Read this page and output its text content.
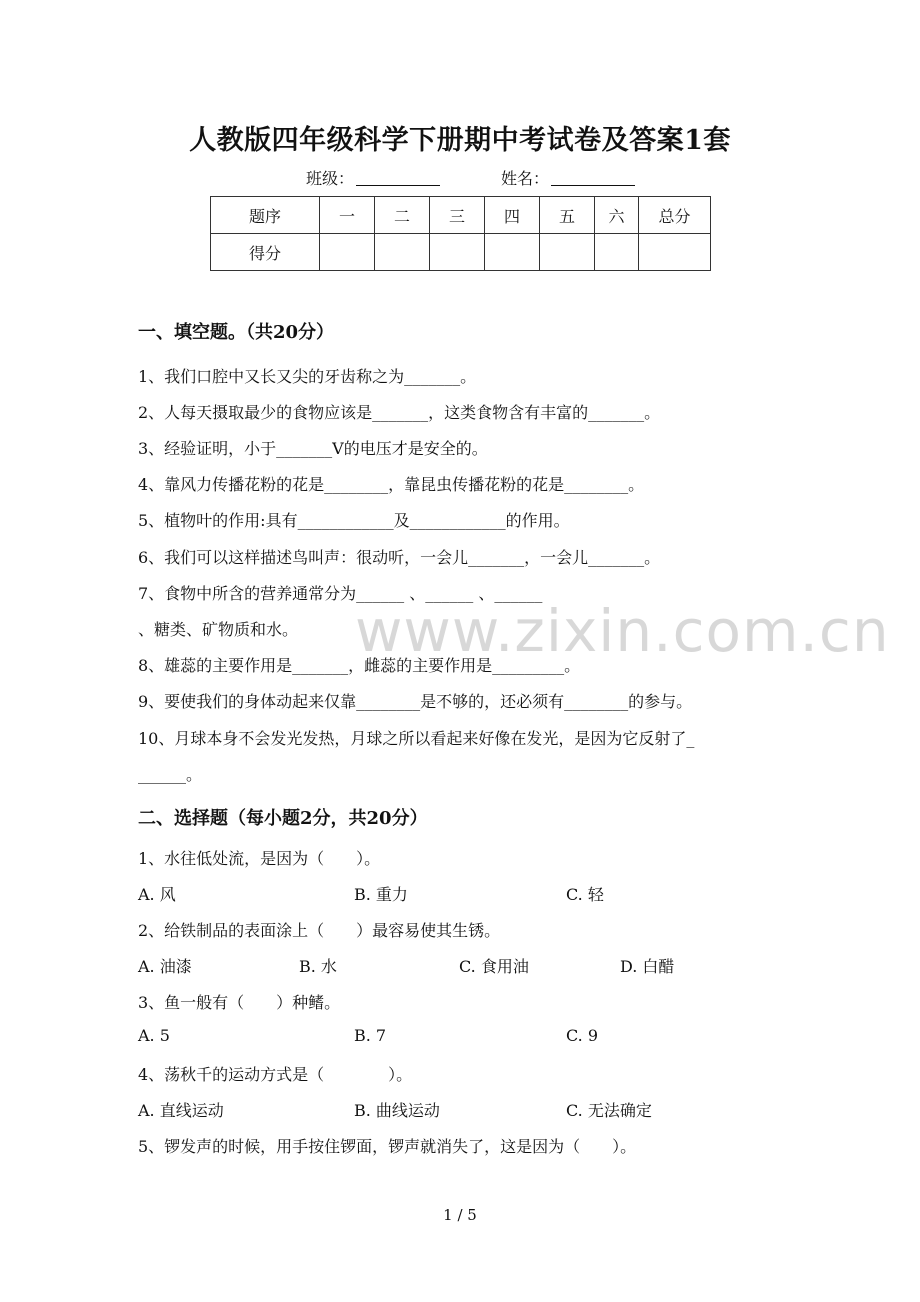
人教版四年级科学下册期中考试卷及答案1套
班级：	姓名：
题序	一	二	三	四	五	六	总分
得分							
一、填空题。（共20分）
1、我们口腔中又长又尖的牙齿称之为_______。
2、人每天摄取最少的食物应该是_______，这类食物含有丰富的_______。
3、经验证明，小于_______V的电压才是安全的。
4、靠风力传播花粉的花是________，靠昆虫传播花粉的花是________。
5、植物叶的作用:具有____________及____________的作用。
6、我们可以这样描述鸟叫声：很动听，一会儿_______，一会儿_______。
7、食物中所含的营养通常分为______ 、______ 、______
、糖类、矿物质和水。
8、雄蕊的主要作用是_______，雌蕊的主要作用是_________。
9、要使我们的身体动起来仅靠________是不够的，还必须有________的参与。
10、月球本身不会发光发热，月球之所以看起来好像在发光，是因为它反射了_
______。
二、选择题（每小题2分，共20分）
1、水往低处流，是因为（　　）。
A. 风	B. 重力	C. 轻
2、给铁制品的表面涂上（　　）最容易使其生锈。
A. 油漆	B. 水	C. 食用油	D. 白醋
3、鱼一般有（　　）种鳍。
A. 5	B. 7	C. 9
4、荡秋千的运动方式是（　　　　）。
A. 直线运动	B. 曲线运动	C. 无法确定
5、锣发声的时候，用手按住锣面，锣声就消失了，这是因为（　　）。
www.zixin.com.cn
1 / 5
